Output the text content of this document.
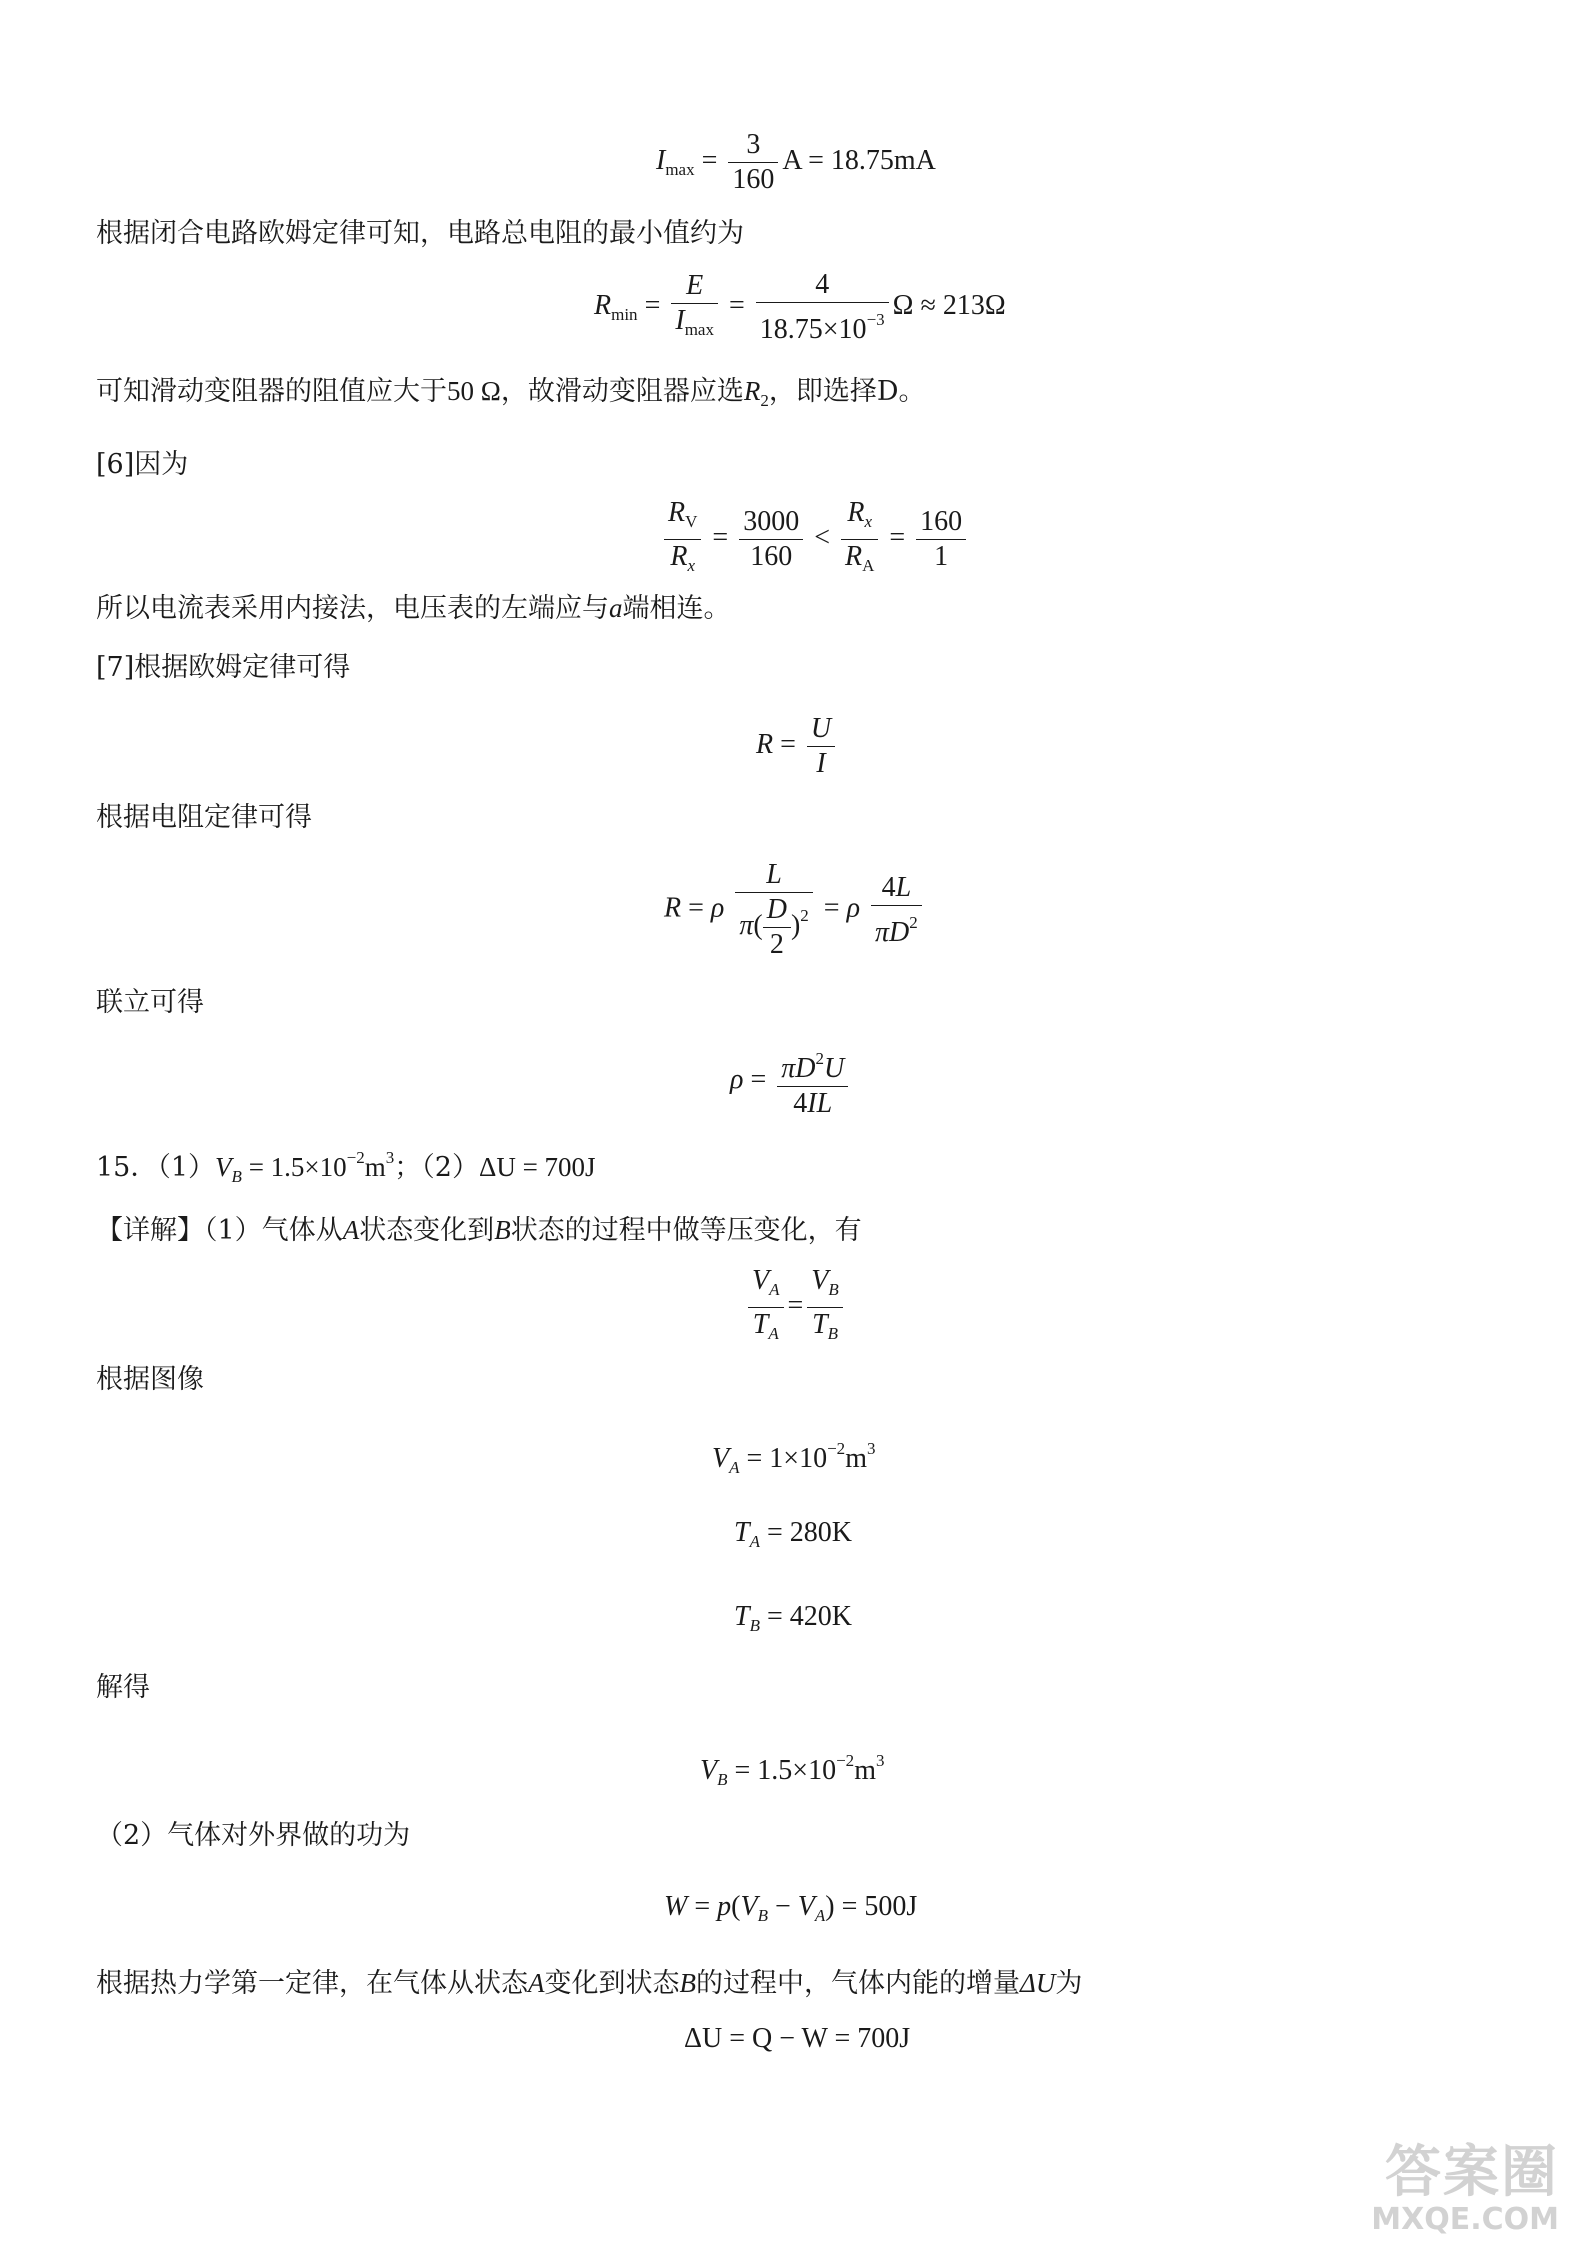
$I_{max} = \frac{3}{160}$ A = 18.75mA
根据闭合电路欧姆定律可知，电路总电阻的最小值约为
$R_{min} = \frac{E}{I_{max}} = \frac{4}{18.75\times 10^{-3}}$ Ω ≈ 213Ω
可知滑动变阻器的阻值应大于50 Ω，故滑动变阻器应选$R_2$，即选择D。
[6]因为
$\frac{R_V}{R_x} = \frac{3000}{160} < \frac{R_x}{R_A} = \frac{160}{1}$
所以电流表采用内接法，电压表的左端应与a端相连。
[7]根据欧姆定律可得
$R = \frac{U}{I}$
根据电阻定律可得
R = ρ $\frac{L}{\pi( \frac{D}{2} )^2} = \rho \frac{4L}{\pi D^2}$
联立可得
$\rho = \frac{\pi D^2U}{4IL}$
15．$(1)V_B = 1.5\times 10^{-2}m^3$；（2）ΔU = 700J
【详解】（1）气体从A状态变化到B状态的过程中做等压变化，有
$\frac{V_A}{T_A} = \frac{V_B}{T_B}$
根据图像
$V_A = 1\times 10^{-2}m^3$
$T_A = 280K$
$T_B = 420K$
解得
$V_B = 1.5\times 10^{-2}m^3$
（2）气体对外界做的功为
$W = p(V_B - V_A) = 500J$
根据热力学第一定律，在气体从状态A变化到状态B的过程中，气体内能的增量ΔU为
ΔU = Q − W = 700J
答案圈
MXQE.COM
